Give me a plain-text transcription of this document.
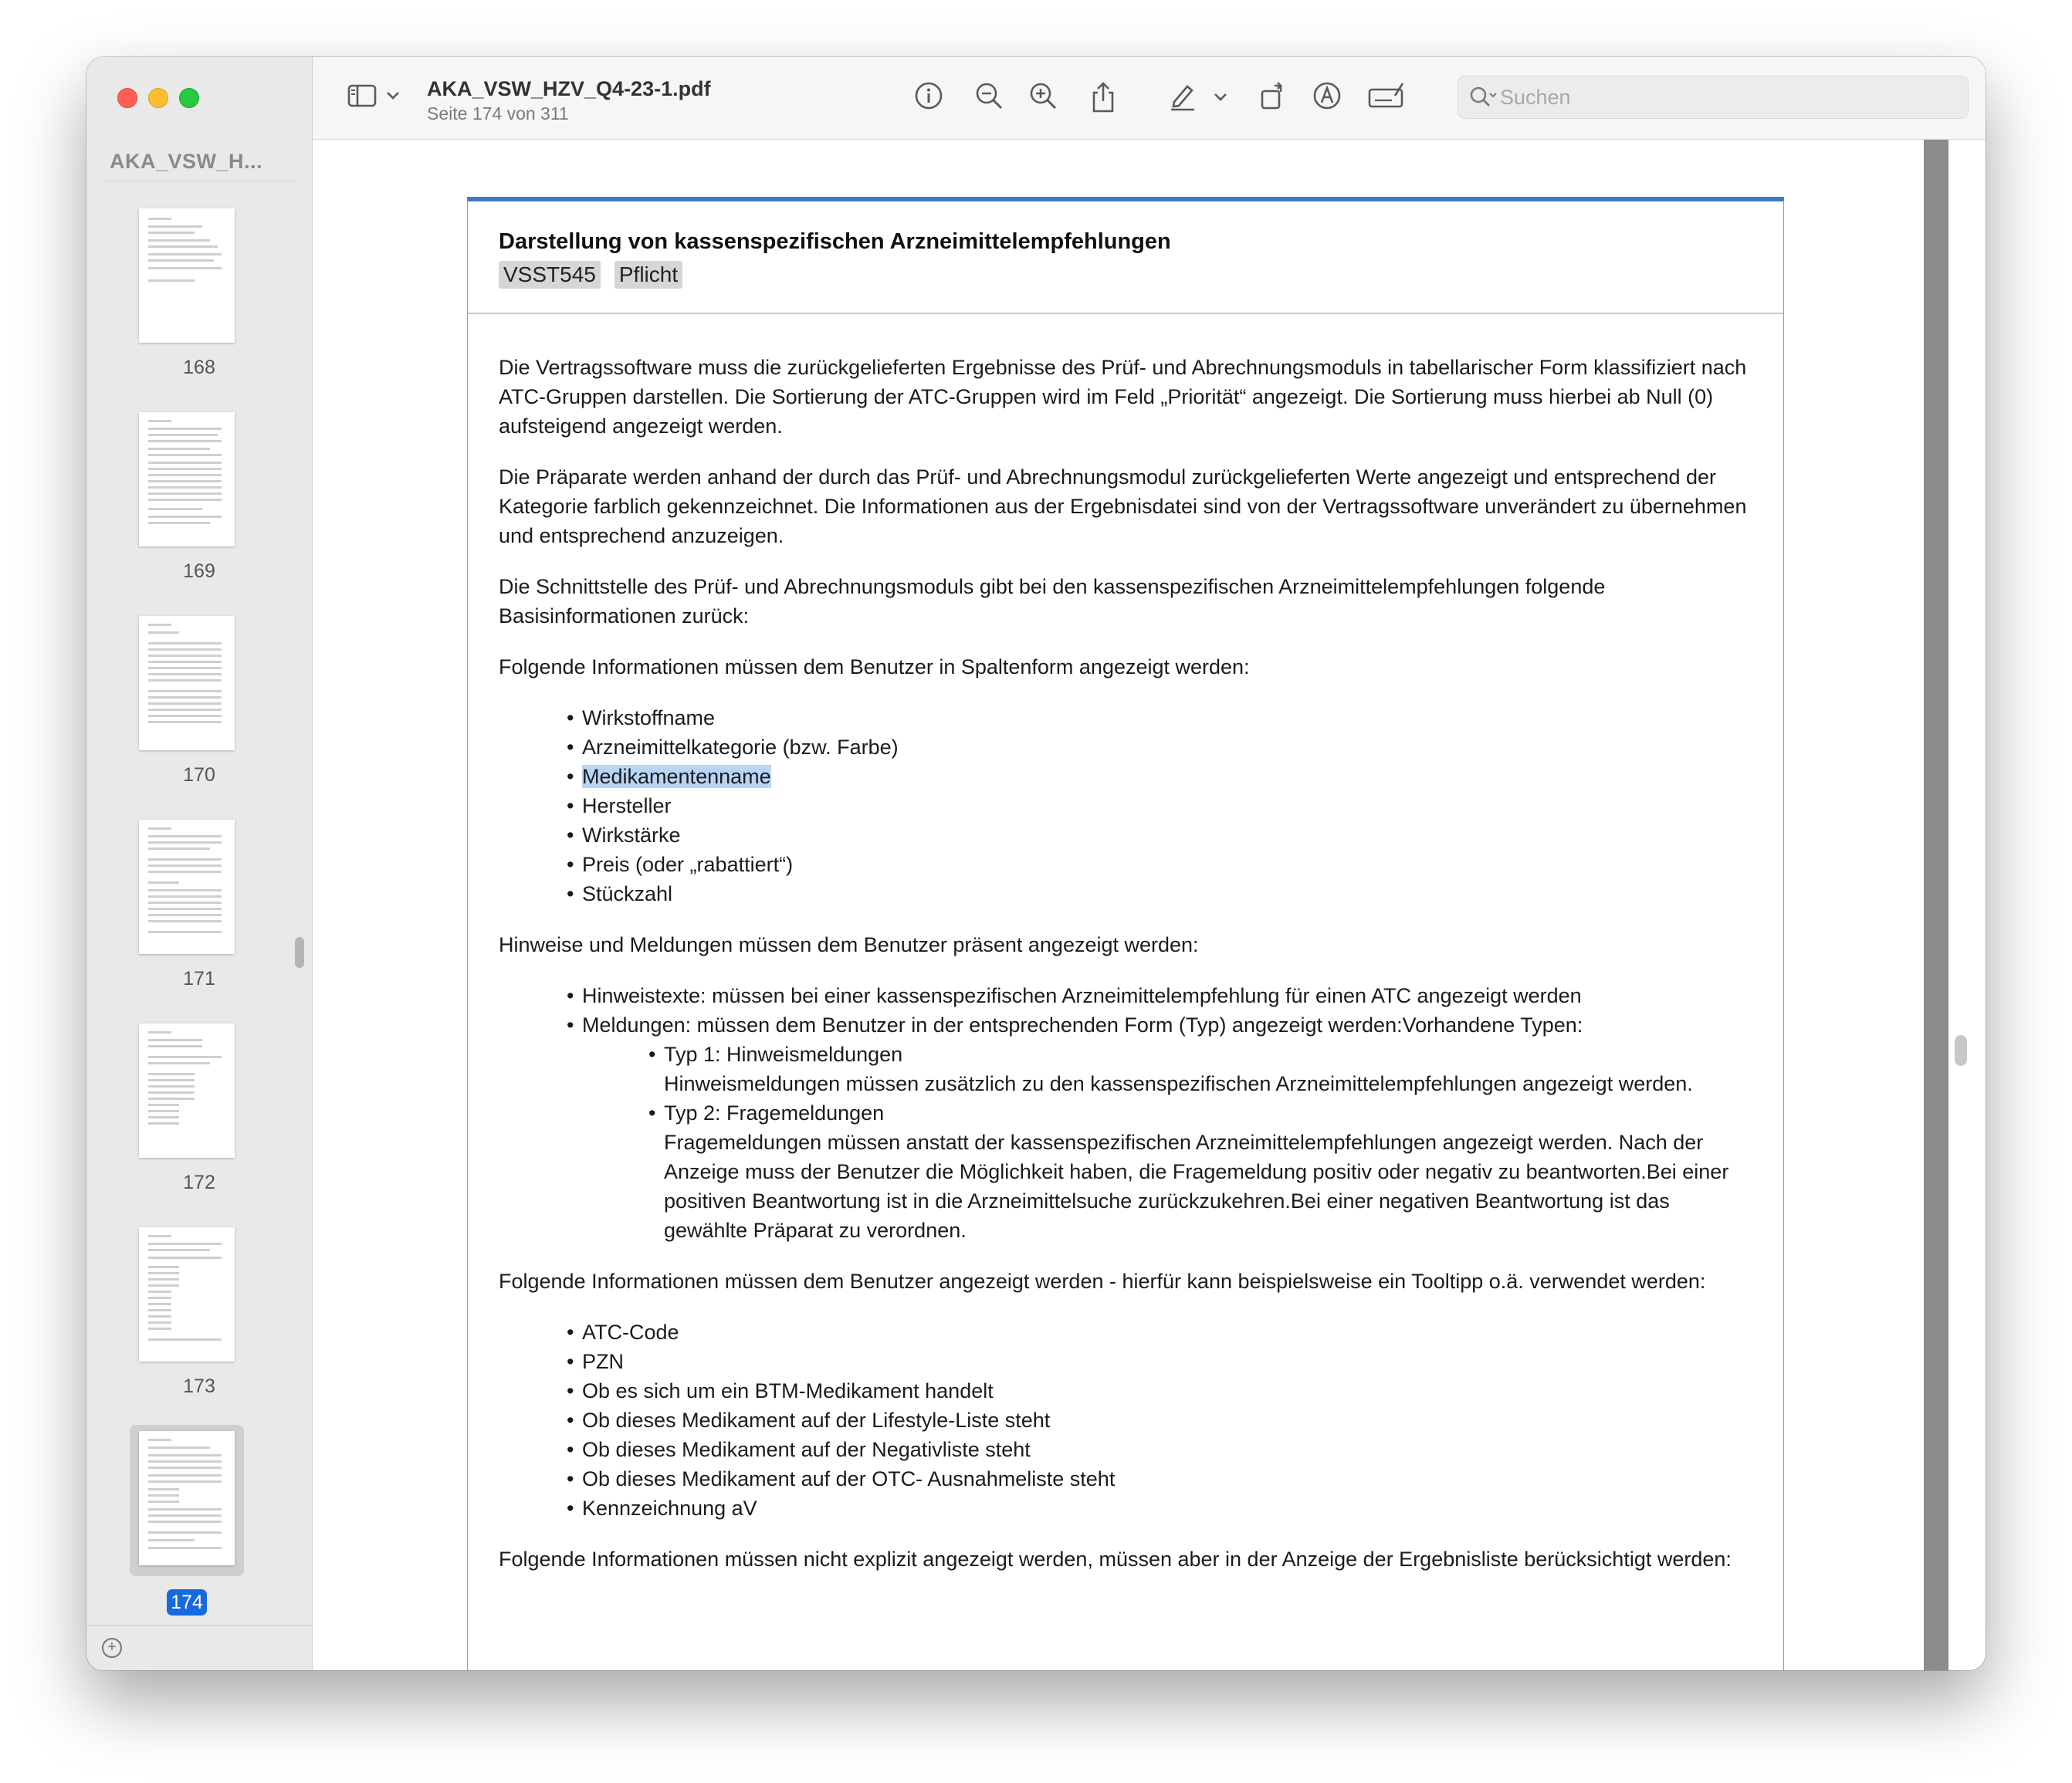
AKA_VSW_H...
168
169
170
171
172
173
174
+
AKA_VSW_HZV_Q4-23-1.pdf
Seite 174 von 311
Suchen

Darstellung von kassenspezifischen Arzneimittelempfehlungen

VSST545 Pflicht

Die Vertragssoftware muss die zurückgelieferten Ergebnisse des Prüf- und Abrechnungsmoduls in tabellarischer Form klassifiziert nach ATC-Gruppen darstellen. Die Sortierung der ATC-Gruppen wird im Feld „Priorität“ angezeigt. Die Sortierung muss hierbei ab Null (0) aufsteigend angezeigt werden.

Die Präparate werden anhand der durch das Prüf- und Abrechnungsmodul zurückgelieferten Werte angezeigt und entsprechend der Kategorie farblich gekennzeichnet. Die Informationen aus der Ergebnisdatei sind von der Vertragssoftware unverändert zu übernehmen und entsprechend anzuzeigen.

Die Schnittstelle des Prüf- und Abrechnungsmoduls gibt bei den kassenspezifischen Arzneimittelempfehlungen folgende Basisinformationen zurück:

Folgende Informationen müssen dem Benutzer in Spaltenform angezeigt werden:

• Wirkstoffname
• Arzneimittelkategorie (bzw. Farbe)
• Medikamentenname
• Hersteller
• Wirkstärke
• Preis (oder „rabattiert“)
• Stückzahl

Hinweise und Meldungen müssen dem Benutzer präsent angezeigt werden:

• Hinweistexte: müssen bei einer kassenspezifischen Arzneimittelempfehlung für einen ATC angezeigt werden
• Meldungen: müssen dem Benutzer in der entsprechenden Form (Typ) angezeigt werden:Vorhandene Typen:
• Typ 1: Hinweismeldungen
Hinweismeldungen müssen zusätzlich zu den kassenspezifischen Arzneimittelempfehlungen angezeigt werden.
• Typ 2: Fragemeldungen
Fragemeldungen müssen anstatt der kassenspezifischen Arzneimittelempfehlungen angezeigt werden. Nach der Anzeige muss der Benutzer die Möglichkeit haben, die Fragemeldung positiv oder negativ zu beantworten.Bei einer positiven Beantwortung ist in die Arzneimittelsuche zurückzukehren.Bei einer negativen Beantwortung ist das gewählte Präparat zu verordnen.

Folgende Informationen müssen dem Benutzer angezeigt werden - hierfür kann beispielsweise ein Tooltipp o.ä. verwendet werden:

• ATC-Code
• PZN
• Ob es sich um ein BTM-Medikament handelt
• Ob dieses Medikament auf der Lifestyle-Liste steht
• Ob dieses Medikament auf der Negativliste steht
• Ob dieses Medikament auf der OTC- Ausnahmeliste steht
• Kennzeichnung aV

Folgende Informationen müssen nicht explizit angezeigt werden, müssen aber in der Anzeige der Ergebnisliste berücksichtigt werden:
